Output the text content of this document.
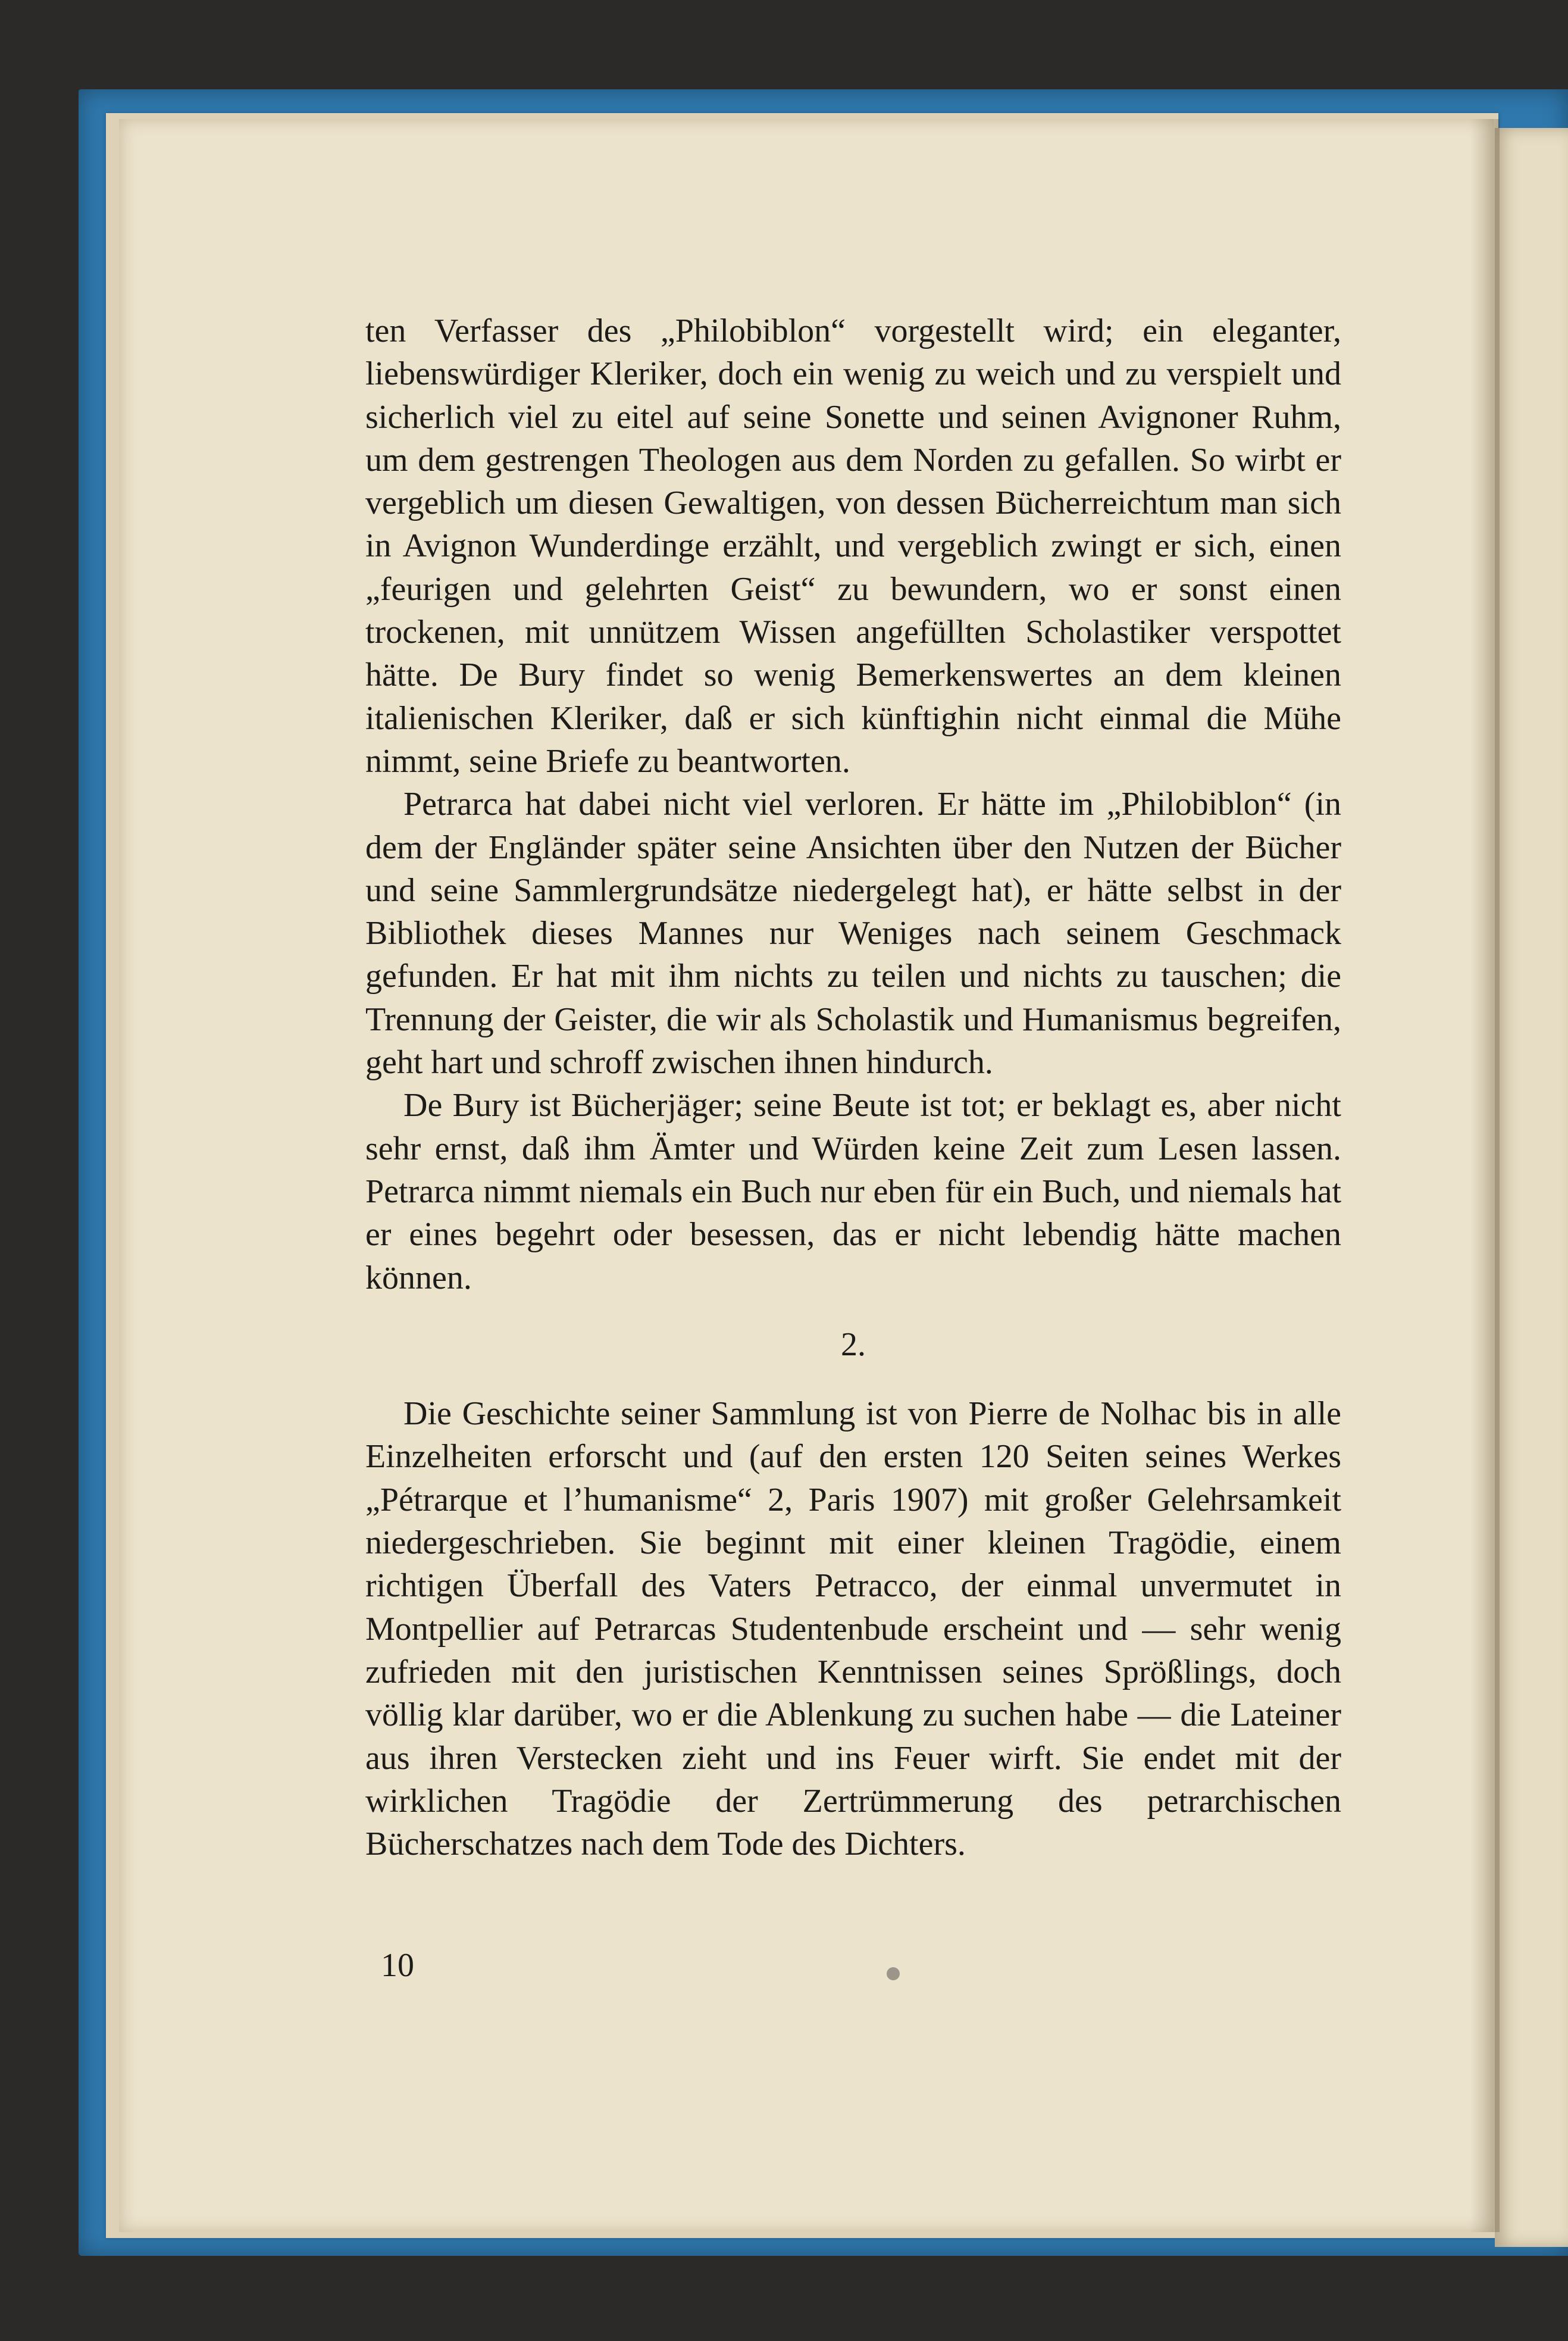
ten Verfasser des „Philobiblon“ vorgestellt wird; ein eleganter, liebenswürdiger Kleriker, doch ein wenig zu weich und zu verspielt und sicherlich viel zu eitel auf seine Sonette und seinen Avignoner Ruhm, um dem gestrengen Theologen aus dem Norden zu gefallen. So wirbt er vergeblich um diesen Gewaltigen, von dessen Bücherreichtum man sich in Avignon Wunderdinge erzählt, und vergeblich zwingt er sich, einen „feurigen und gelehrten Geist“ zu bewundern, wo er sonst einen trockenen, mit unnützem Wissen angefüllten Scholastiker verspottet hätte. De Bury findet so wenig Bemerkenswertes an dem kleinen italienischen Kleriker, daß er sich künftighin nicht einmal die Mühe nimmt, seine Briefe zu beantworten.

Petrarca hat dabei nicht viel verloren. Er hätte im „Philobiblon“ (in dem der Engländer später seine Ansichten über den Nutzen der Bücher und seine Sammlergrundsätze niedergelegt hat), er hätte selbst in der Bibliothek dieses Mannes nur Weniges nach seinem Geschmack gefunden. Er hat mit ihm nichts zu teilen und nichts zu tauschen; die Trennung der Geister, die wir als Scholastik und Humanismus begreifen, geht hart und schroff zwischen ihnen hindurch.

De Bury ist Bücherjäger; seine Beute ist tot; er beklagt es, aber nicht sehr ernst, daß ihm Ämter und Würden keine Zeit zum Lesen lassen. Petrarca nimmt niemals ein Buch nur eben für ein Buch, und niemals hat er eines begehrt oder besessen, das er nicht lebendig hätte machen können.

2.

Die Geschichte seiner Sammlung ist von Pierre de Nolhac bis in alle Einzelheiten erforscht und (auf den ersten 120 Seiten seines Werkes „Pétrarque et l’humanisme“ 2, Paris 1907) mit großer Gelehrsamkeit niedergeschrieben. Sie beginnt mit einer kleinen Tragödie, einem richtigen Überfall des Vaters Petracco, der einmal unvermutet in Montpellier auf Petrarcas Studentenbude erscheint und — sehr wenig zufrieden mit den juristischen Kenntnissen seines Sprößlings, doch völlig klar darüber, wo er die Ablenkung zu suchen habe — die Lateiner aus ihren Verstecken zieht und ins Feuer wirft. Sie endet mit der wirklichen Tragödie der Zertrümmerung des petrarchischen Bücherschatzes nach dem Tode des Dichters.

10
